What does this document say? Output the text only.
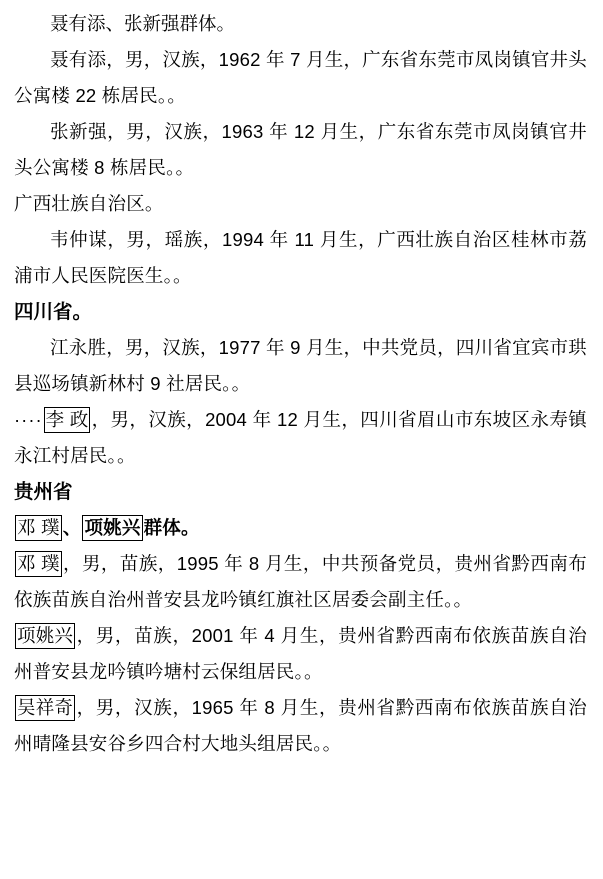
聂有添、张新强群体。

聂有添，男，汉族，1962 年 7 月生，广东省东莞市凤岗镇官井头公寓楼 22 栋居民。。

张新强，男，汉族，1963 年 12 月生，广东省东莞市凤岗镇官井头公寓楼 8 栋居民。。

广西壮族自治区。

韦仲谋，男，瑶族，1994 年 11 月生，广西壮族自治区桂林市荔浦市人民医院医生。。

四川省。

江永胜，男，汉族，1977 年 9 月生，中共党员，四川省宜宾市珙县巡场镇新林村 9 社居民。。

···· 李 政 ，男，汉族，2004 年 12 月生，四川省眉山市东坡区永寿镇永江村居民。。

贵州省

邓 璞 、 项姚兴 群体。

邓 璞 ，男，苗族，1995 年 8 月生，中共预备党员，贵州省黔西南布依族苗族自治州普安县龙吟镇红旗社区居委会副主任。。

项姚兴 ，男，苗族，2001 年 4 月生，贵州省黔西南布依族苗族自治州普安县龙吟镇吟塘村云保组居民。。

吴祥奇 ，男，汉族，1965 年 8 月生，贵州省黔西南布依族苗族自治州晴隆县安谷乡四合村大地头组居民。。
